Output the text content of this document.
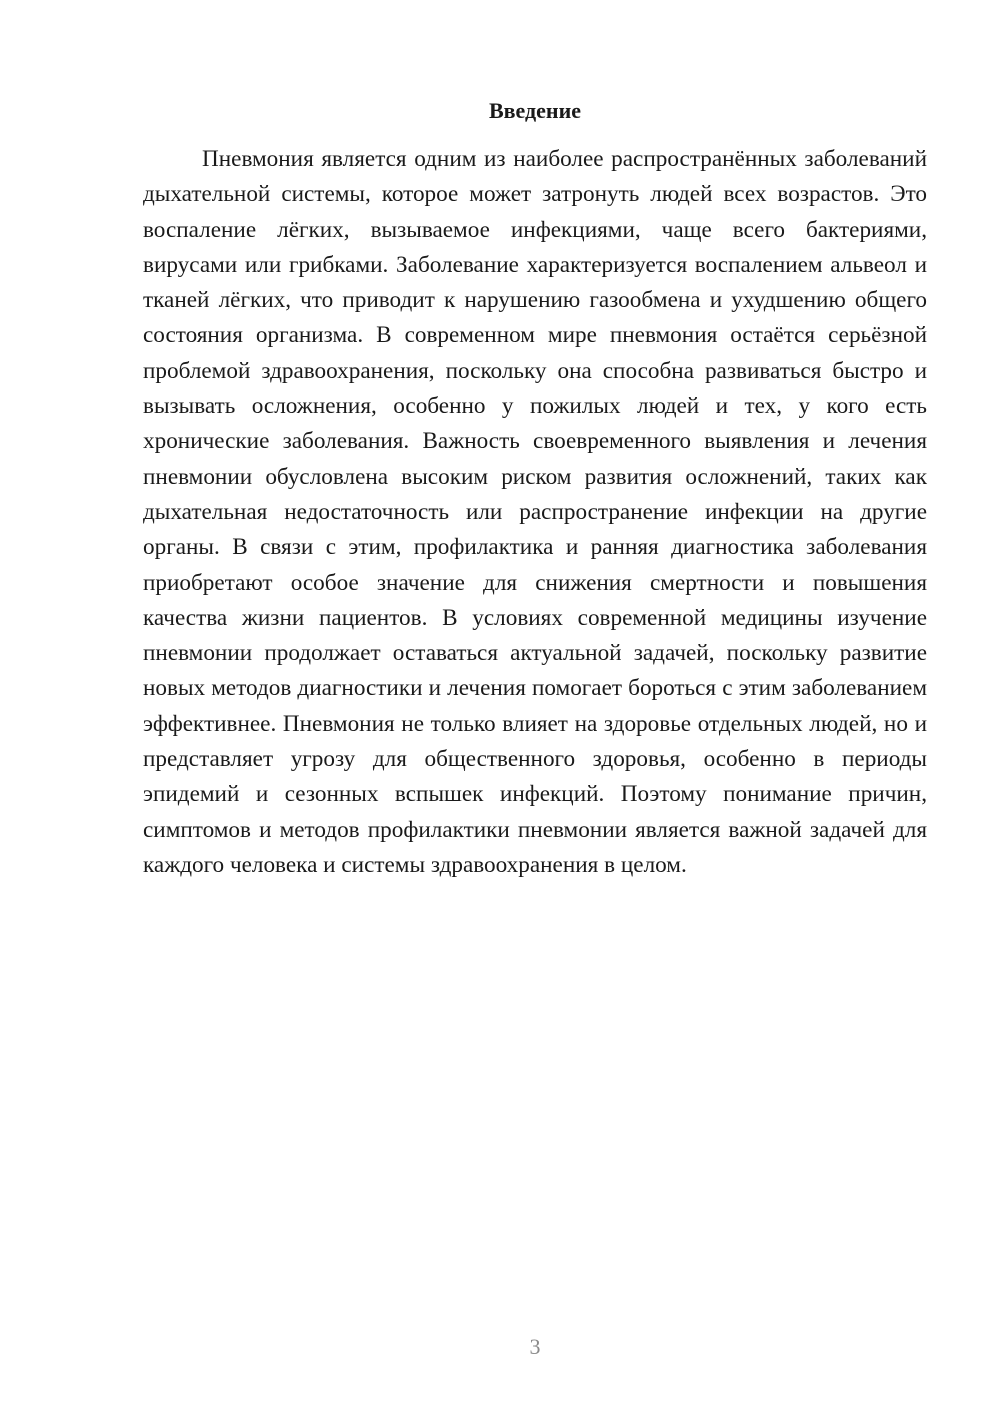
Введение

Пневмония является одним из наиболее распространённых заболеваний дыхательной системы, которое может затронуть людей всех возрастов. Это воспаление лёгких, вызываемое инфекциями, чаще всего бактериями, вирусами или грибками. Заболевание характеризуется воспалением альвеол и тканей лёгких, что приводит к нарушению газообмена и ухудшению общего состояния организма. В современном мире пневмония остаётся серьёзной проблемой здравоохранения, поскольку она способна развиваться быстро и вызывать осложнения, особенно у пожилых людей и тех, у кого есть хронические заболевания. Важность своевременного выявления и лечения пневмонии обусловлена высоким риском развития осложнений, таких как дыхательная недостаточность или распространение инфекции на другие органы. В связи с этим, профилактика и ранняя диагностика заболевания приобретают особое значение для снижения смертности и повышения качества жизни пациентов. В условиях современной медицины изучение пневмонии продолжает оставаться актуальной задачей, поскольку развитие новых методов диагностики и лечения помогает бороться с этим заболеванием эффективнее. Пневмония не только влияет на здоровье отдельных людей, но и представляет угрозу для общественного здоровья, особенно в периоды эпидемий и сезонных вспышек инфекций. Поэтому понимание причин, симптомов и методов профилактики пневмонии является важной задачей для каждого человека и системы здравоохранения в целом.

3
